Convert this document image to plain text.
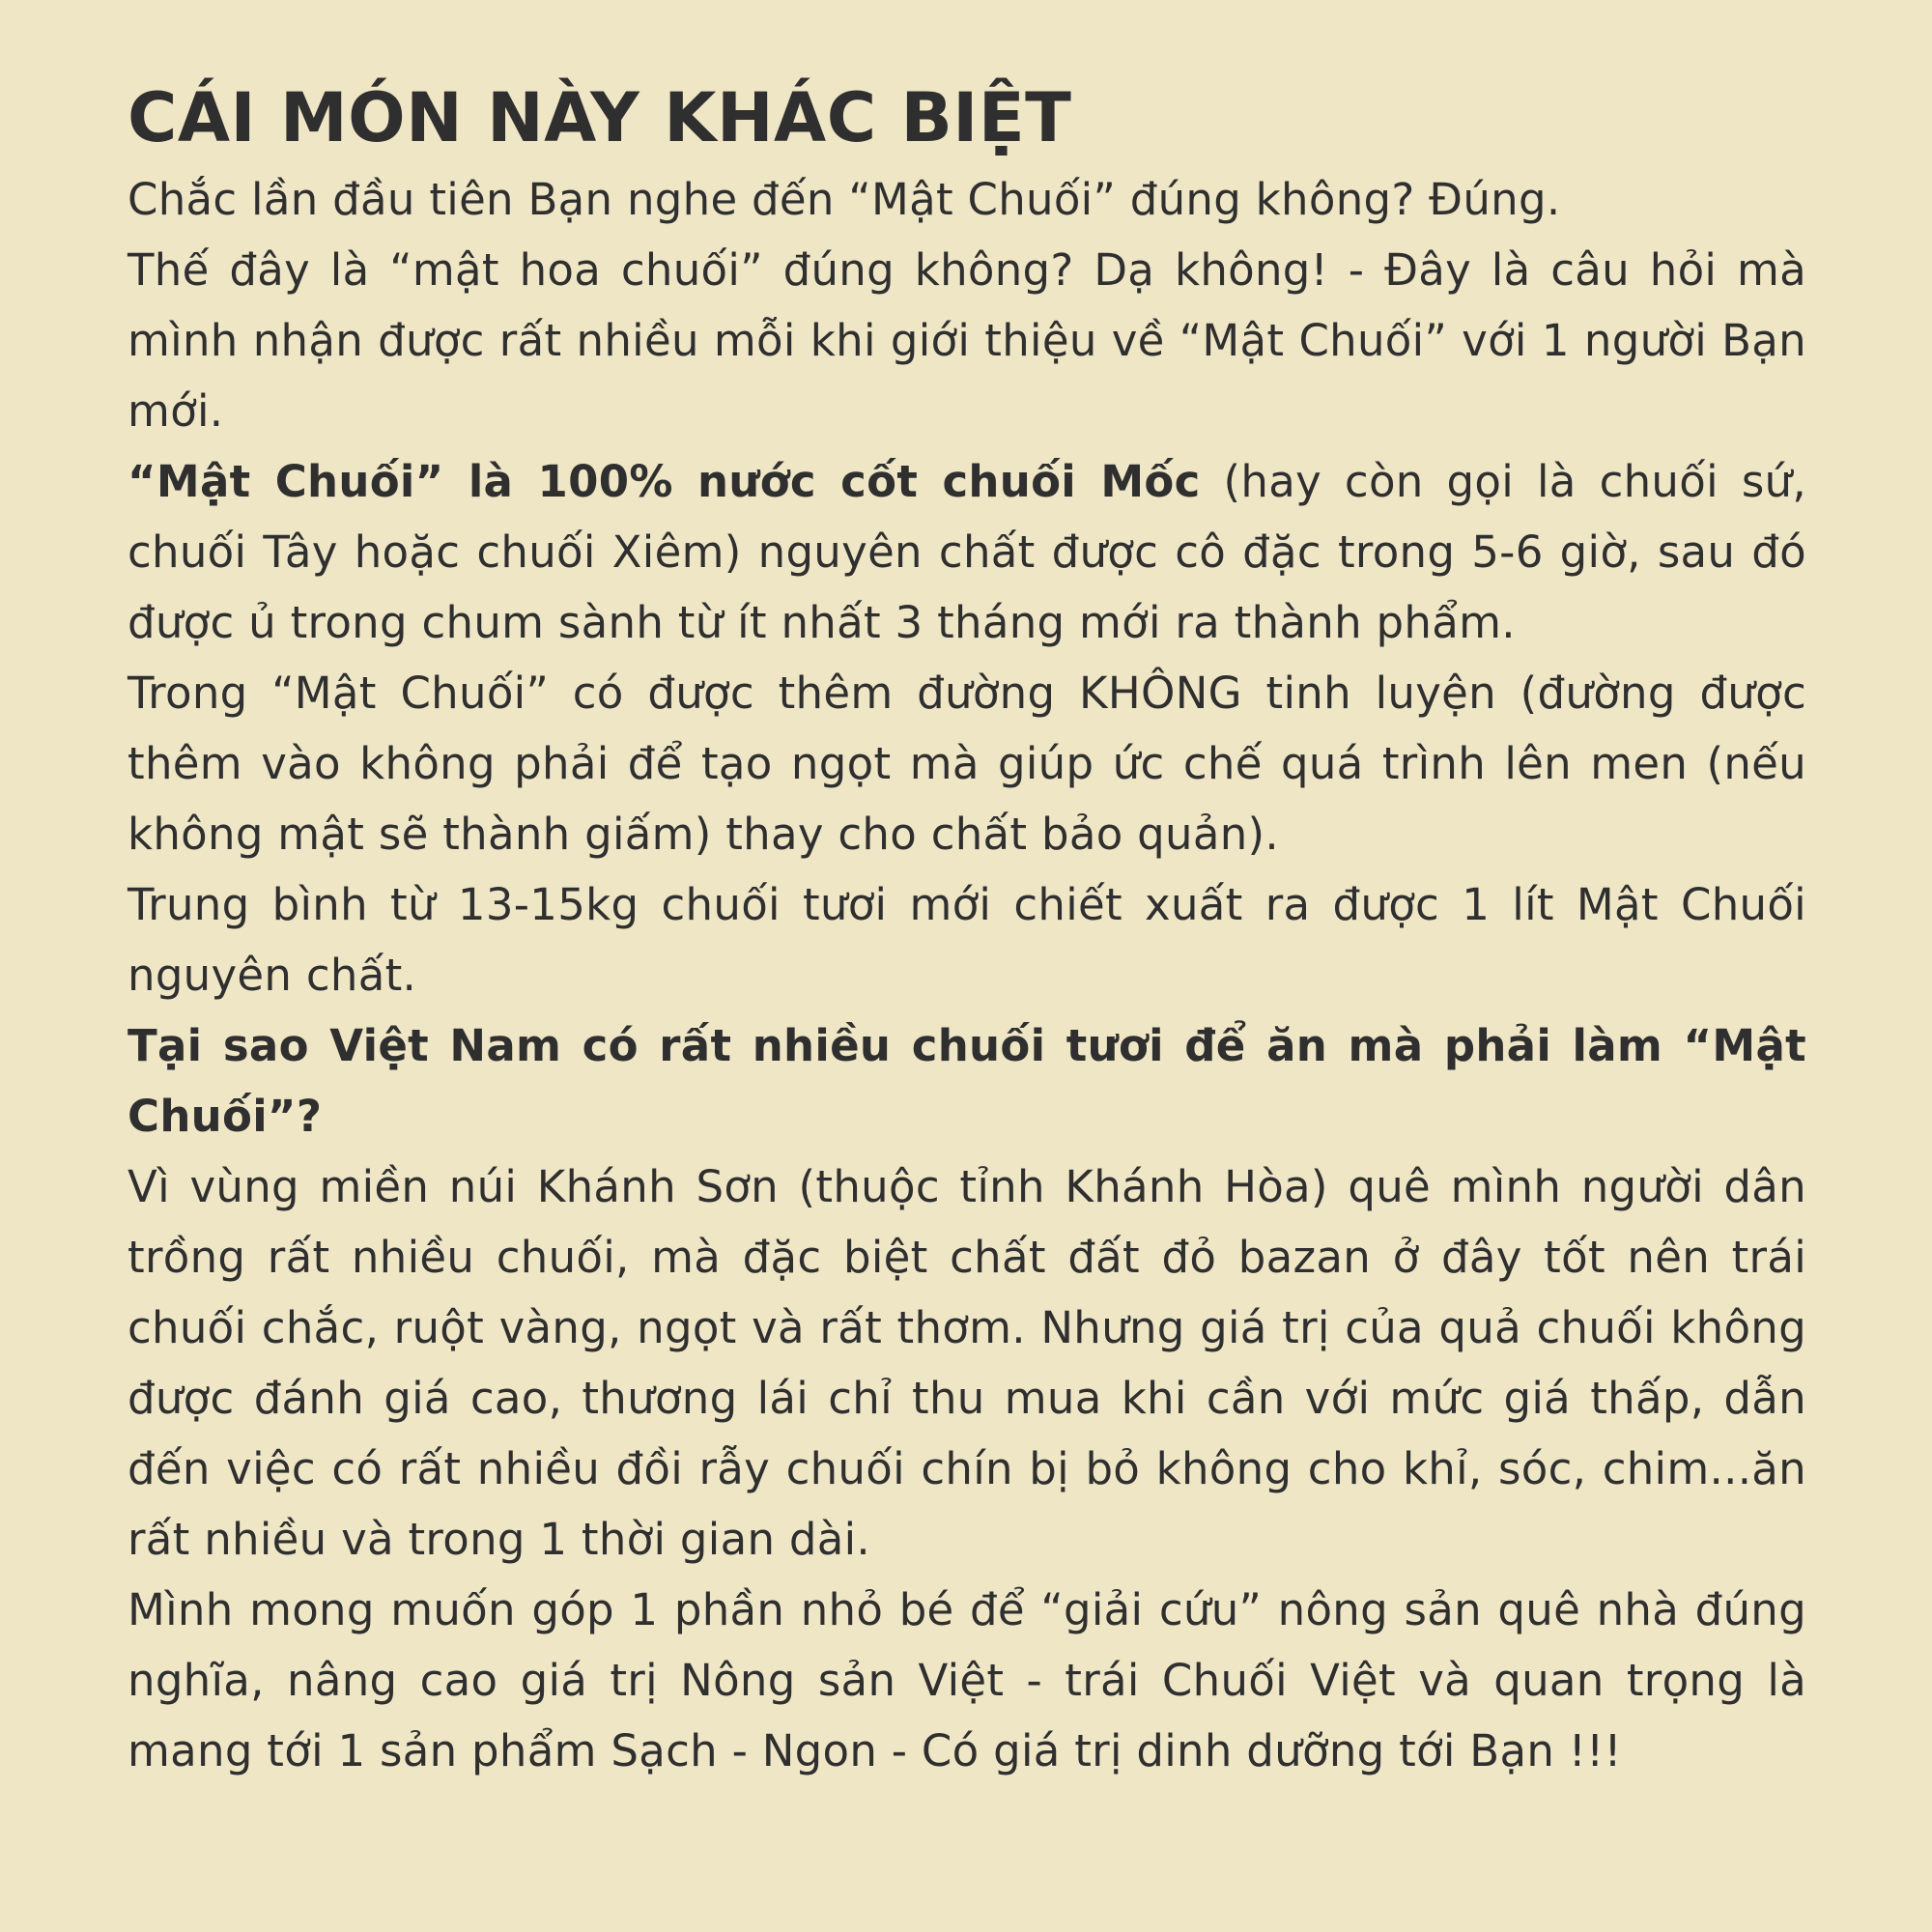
CÁI MÓN NÀY KHÁC BIỆT

Chắc lần đầu tiên Bạn nghe đến “Mật Chuối” đúng không? Đúng.

Thế đây là “mật hoa chuối” đúng không? Dạ không! - Đây là câu hỏi mà mình nhận được rất nhiều mỗi khi giới thiệu về “Mật Chuối” với 1 người Bạn mới.

“Mật Chuối” là 100% nước cốt chuối Mốc (hay còn gọi là chuối sứ, chuối Tây hoặc chuối Xiêm) nguyên chất được cô đặc trong 5-6 giờ, sau đó được ủ trong chum sành từ ít nhất 3 tháng mới ra thành phẩm.

Trong “Mật Chuối” có được thêm đường KHÔNG tinh luyện (đường được thêm vào không phải để tạo ngọt mà giúp ức chế quá trình lên men (nếu không mật sẽ thành giấm) thay cho chất bảo quản).

Trung bình từ 13-15kg chuối tươi mới chiết xuất ra được 1 lít Mật Chuối nguyên chất.

Tại sao Việt Nam có rất nhiều chuối tươi để ăn mà phải làm “Mật Chuối”?

Vì vùng miền núi Khánh Sơn (thuộc tỉnh Khánh Hòa) quê mình người dân trồng rất nhiều chuối, mà đặc biệt chất đất đỏ bazan ở đây tốt nên trái chuối chắc, ruột vàng, ngọt và rất thơm. Nhưng giá trị của quả chuối không được đánh giá cao, thương lái chỉ thu mua khi cần với mức giá thấp, dẫn đến việc có rất nhiều đồi rẫy chuối chín bị bỏ không cho khỉ, sóc, chim...ăn rất nhiều và trong 1 thời gian dài.

Mình mong muốn góp 1 phần nhỏ bé để “giải cứu” nông sản quê nhà đúng nghĩa, nâng cao giá trị Nông sản Việt - trái Chuối Việt và quan trọng là mang tới 1 sản phẩm Sạch - Ngon - Có giá trị dinh dưỡng tới Bạn !!!
